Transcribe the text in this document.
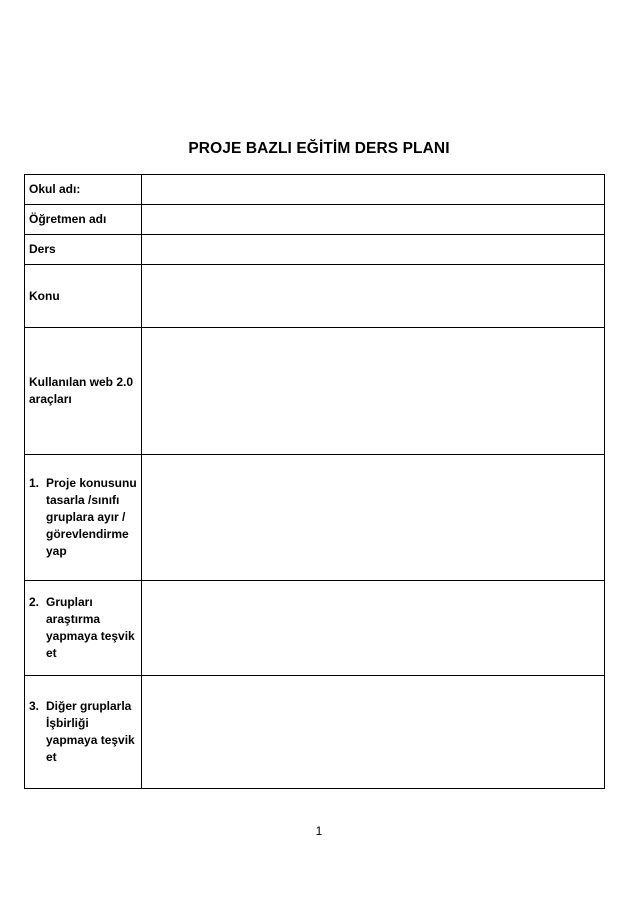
PROJE BAZLI EĞİTİM DERS PLANI
Okul adı:	
Öğretmen adı	
Ders	
Konu	
Kullanılan web 2.0 araçları	

1. Proje konusunu tasarla /sınıfı gruplara ayır / görevlendirme yap	

2. Grupları araştırma yapmaya teşvik et	

3. Diğer gruplarla İşbirliği yapmaya teşvik et	

1
